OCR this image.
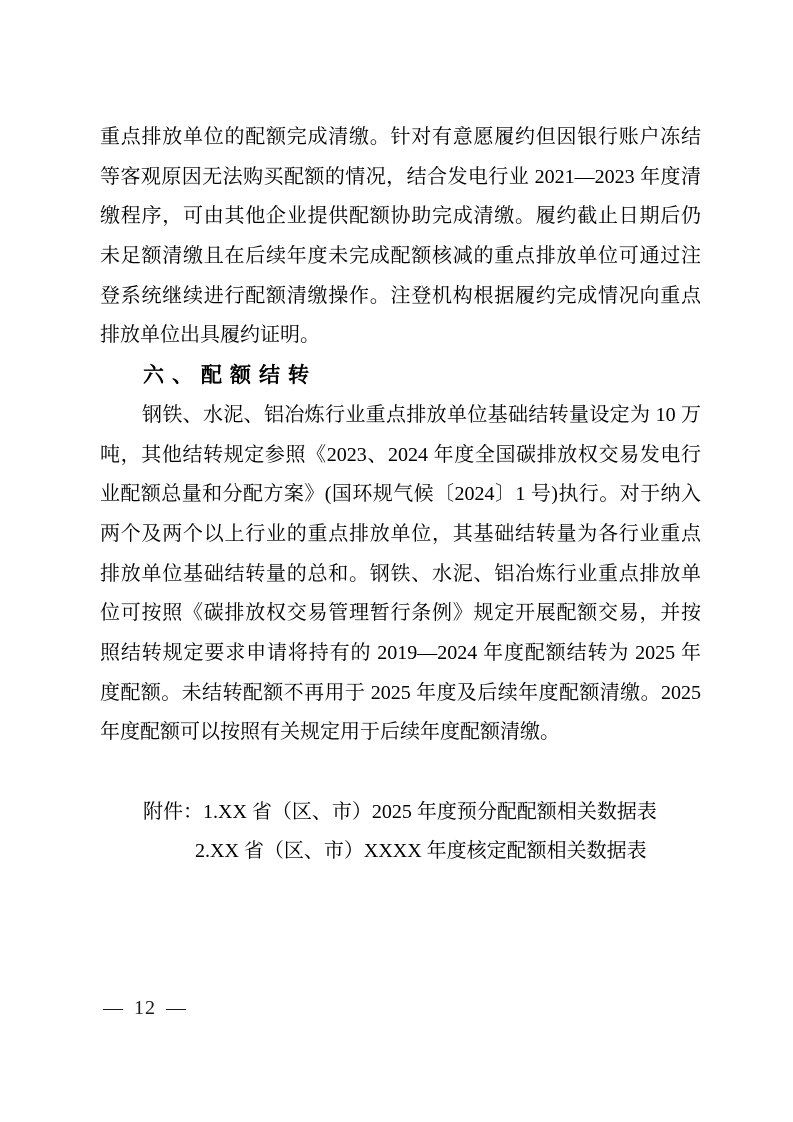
重点排放单位的配额完成清缴。针对有意愿履约但因银行账户冻结
等客观原因无法购买配额的情况，结合发电行业 2021—2023 年度清
缴程序，可由其他企业提供配额协助完成清缴。履约截止日期后仍
未足额清缴且在后续年度未完成配额核减的重点排放单位可通过注
登系统继续进行配额清缴操作。注登机构根据履约完成情况向重点
排放单位出具履约证明。
六、配额结转
钢铁、水泥、铝冶炼行业重点排放单位基础结转量设定为 10 万
吨，其他结转规定参照《2023、2024 年度全国碳排放权交易发电行
业配额总量和分配方案》(国环规气候〔2024〕1 号)执行。对于纳入
两个及两个以上行业的重点排放单位，其基础结转量为各行业重点
排放单位基础结转量的总和。钢铁、水泥、铝冶炼行业重点排放单
位可按照《碳排放权交易管理暂行条例》规定开展配额交易，并按
照结转规定要求申请将持有的 2019—2024 年度配额结转为 2025 年
度配额。未结转配额不再用于 2025 年度及后续年度配额清缴。2025
年度配额可以按照有关规定用于后续年度配额清缴。
附件：1.XX 省（区、市）2025 年度预分配配额相关数据表
2.XX 省（区、市）XXXX 年度核定配额相关数据表
— 12 —
